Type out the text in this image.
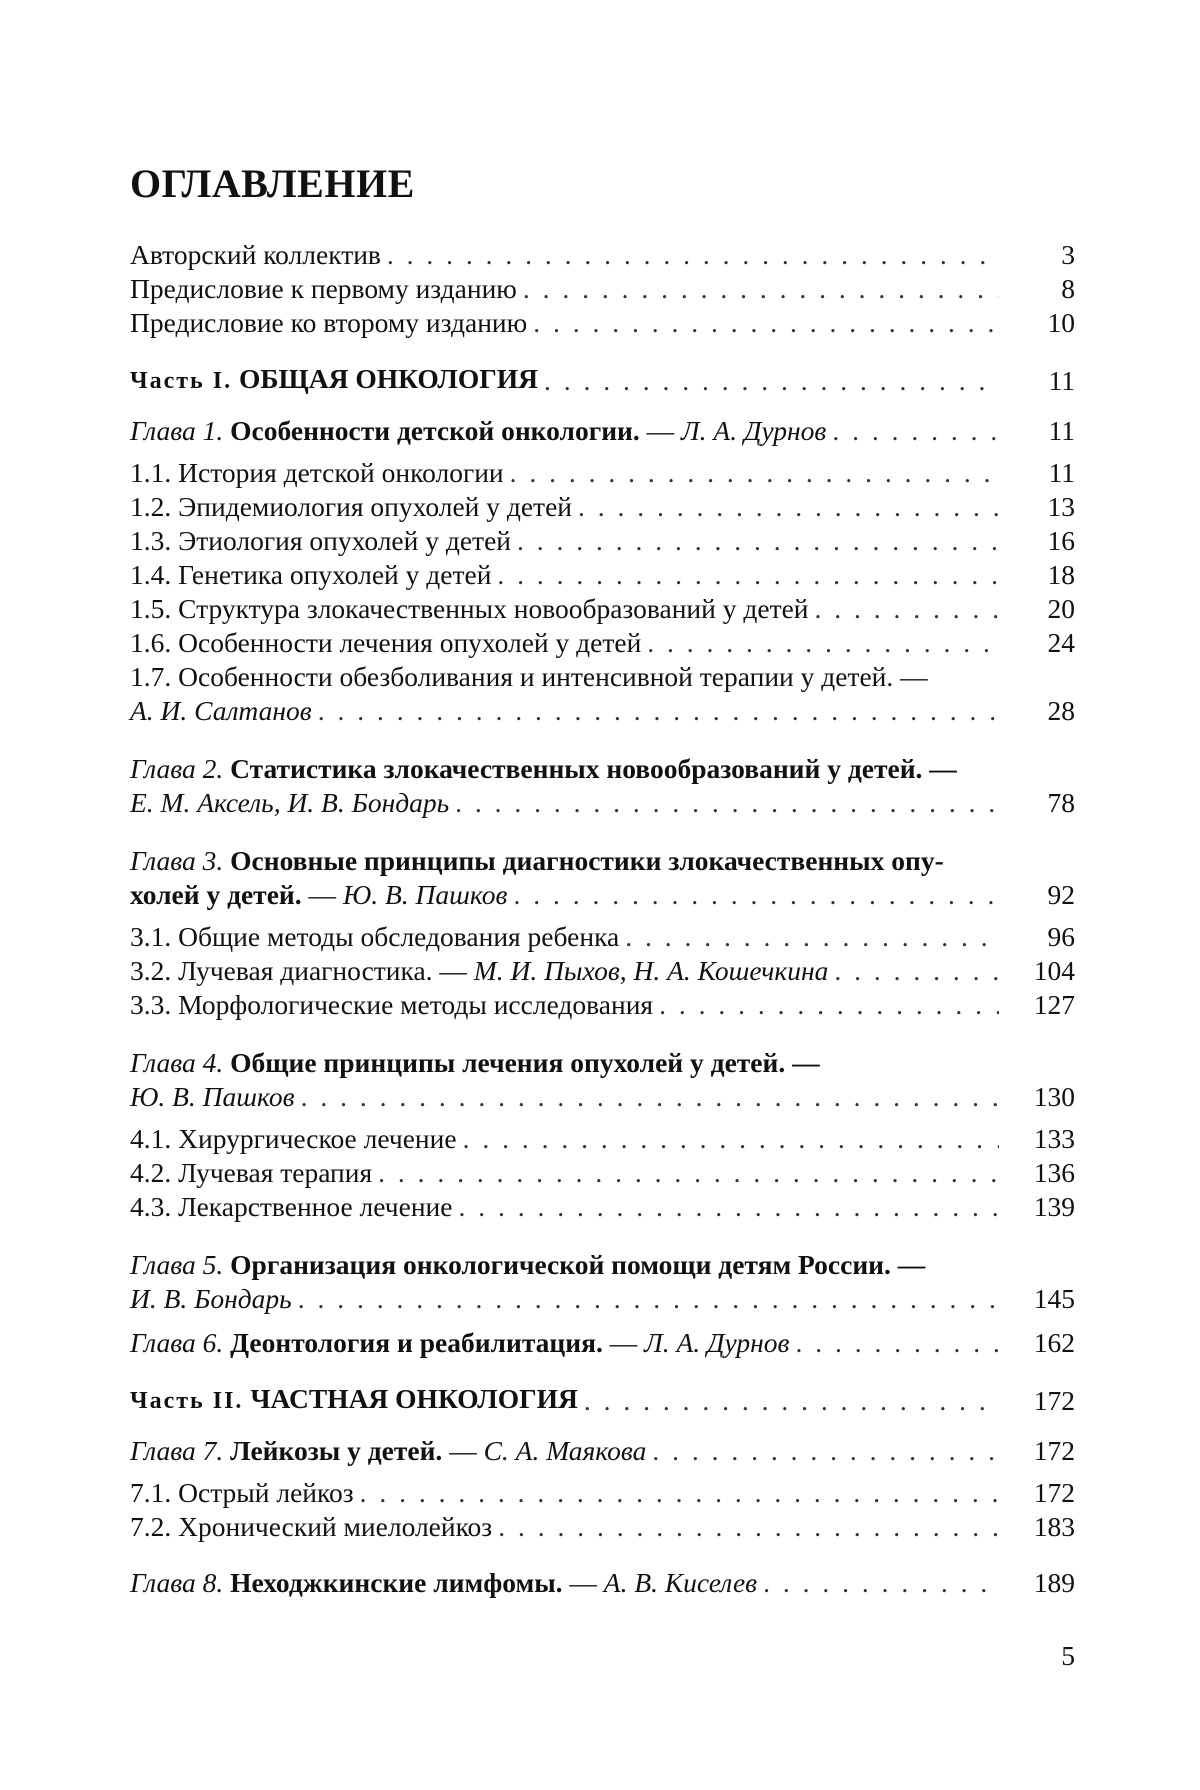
ОГЛАВЛЕНИЕ
Авторский коллектив . . .	3
Предисловие к первому изданию . . .	8
Предисловие ко второму изданию . . .	10
Часть I. ОБЩАЯ ОНКОЛОГИЯ . . .	11
Глава 1. Особенности детской онкологии. — Л. А. Дурнов . . .	11
1.1. История детской онкологии . . .	11
1.2. Эпидемиология опухолей у детей . . .	13
1.3. Этиология опухолей у детей . . .	16
1.4. Генетика опухолей у детей . . .	18
1.5. Структура злокачественных новообразований у детей . . .	20
1.6. Особенности лечения опухолей у детей . . .	24
1.7. Особенности обезболивания и интенсивной терапии у детей. —
А. И. Салтанов . . .	28
Глава 2. Статистика злокачественных новообразований у детей. —
Е. М. Аксель, И. В. Бондарь . . .	78
Глава 3. Основные принципы диагностики злокачественных опу-
холей у детей. — Ю. В. Пашков . . .	92
3.1. Общие методы обследования ребенка . . .	96
3.2. Лучевая диагностика. — М. И. Пыхов, Н. А. Кошечкина . . .	104
3.3. Морфологические методы исследования . . .	127
Глава 4. Общие принципы лечения опухолей у детей. —
Ю. В. Пашков . . .	130
4.1. Хирургическое лечение . . .	133
4.2. Лучевая терапия . . .	136
4.3. Лекарственное лечение . . .	139
Глава 5. Организация онкологической помощи детям России. —
И. В. Бондарь . . .	145
Глава 6. Деонтология и реабилитация. — Л. А. Дурнов . . .	162
Часть II. ЧАСТНАЯ ОНКОЛОГИЯ . . .	172
Глава 7. Лейкозы у детей. — С. А. Маякова . . .	172
7.1. Острый лейкоз . . .	172
7.2. Хронический миелолейкоз . . .	183
Глава 8. Неходжкинские лимфомы. — А. В. Киселев . . .	189
5
